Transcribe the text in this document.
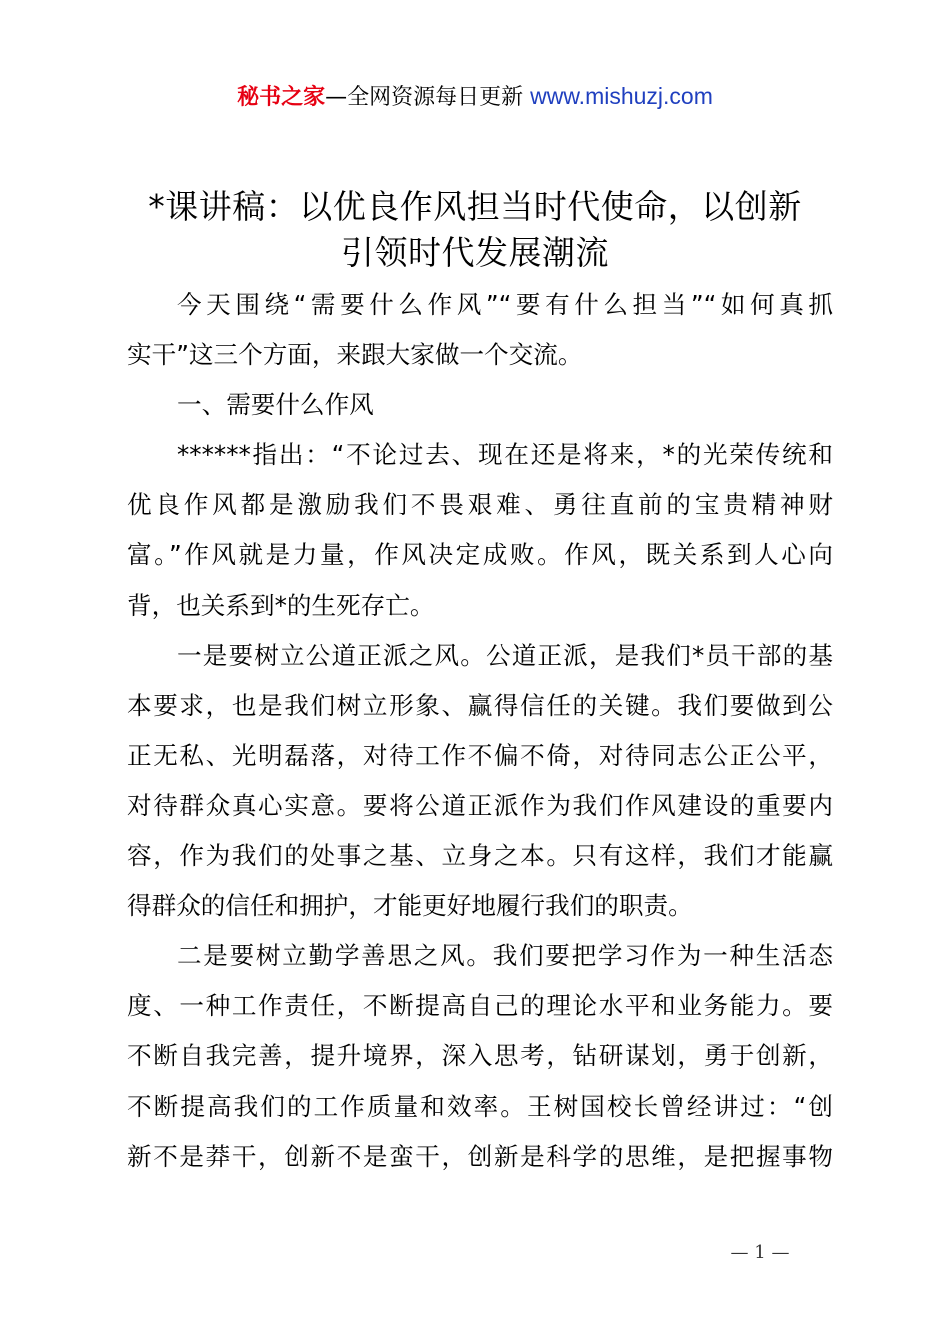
秘书之家—全网资源每日更新 www.mishuzj.com
*课讲稿：以优良作风担当时代使命，以创新
引领时代发展潮流
今天围绕“需要什么作风”“要有什么担当”“如何真抓
实干”这三个方面，来跟大家做一个交流。
一、需要什么作风
******指出：“不论过去、现在还是将来，*的光荣传统和
优良作风都是激励我们不畏艰难、勇往直前的宝贵精神财
富。”作风就是力量，作风决定成败。作风，既关系到人心向
背，也关系到*的生死存亡。
一是要树立公道正派之风。公道正派，是我们*员干部的基
本要求，也是我们树立形象、赢得信任的关键。我们要做到公
正无私、光明磊落，对待工作不偏不倚，对待同志公正公平，
对待群众真心实意。要将公道正派作为我们作风建设的重要内
容，作为我们的处事之基、立身之本。只有这样，我们才能赢
得群众的信任和拥护，才能更好地履行我们的职责。
二是要树立勤学善思之风。我们要把学习作为一种生活态
度、一种工作责任，不断提高自己的理论水平和业务能力。要
不断自我完善，提升境界，深入思考，钻研谋划，勇于创新，
不断提高我们的工作质量和效率。王树国校长曾经讲过：“创
新不是莽干，创新不是蛮干，创新是科学的思维，是把握事物
— 1 —
